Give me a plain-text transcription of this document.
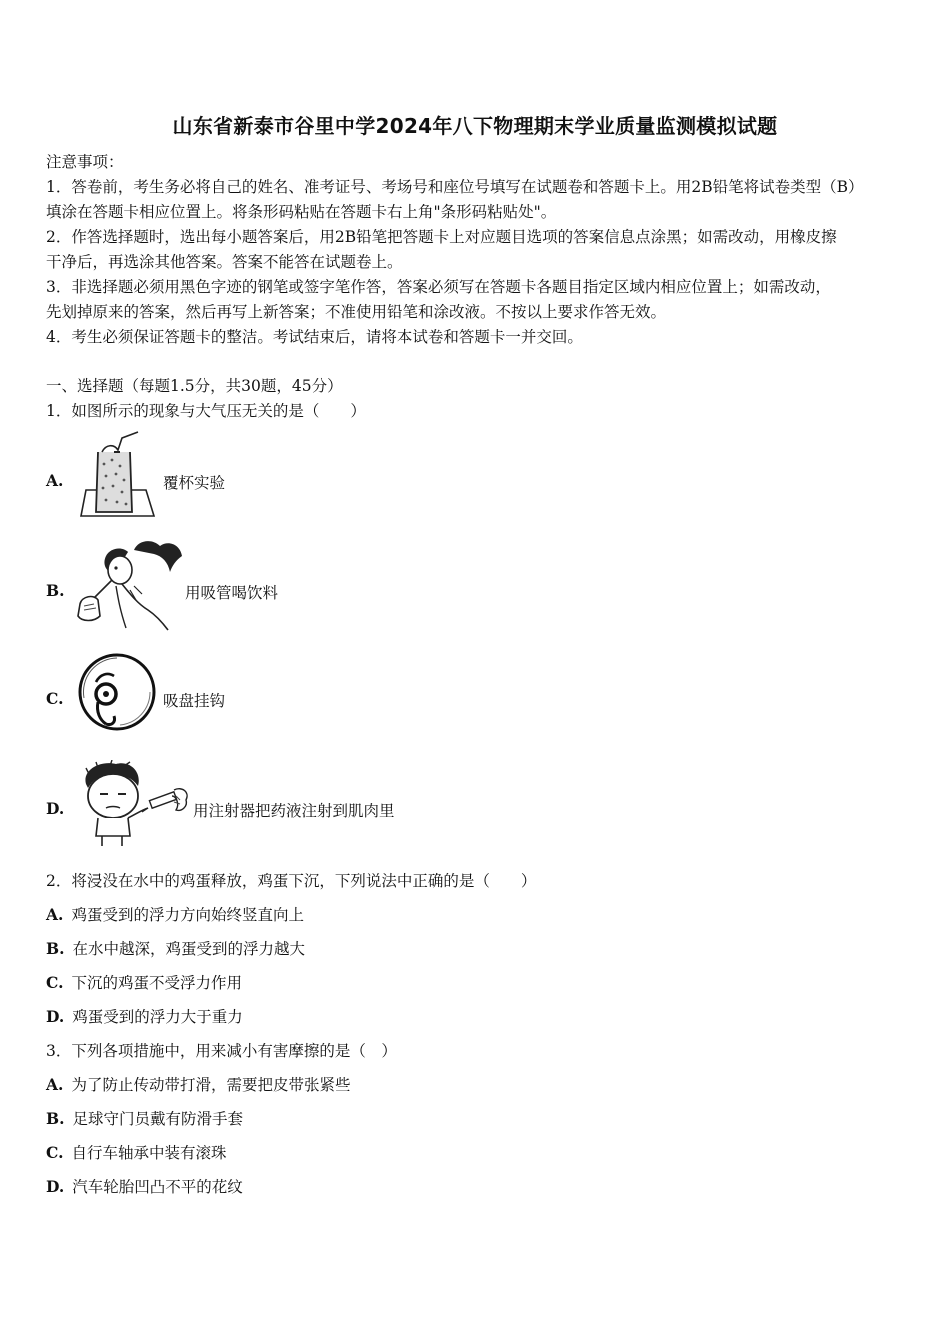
山东省新泰市谷里中学2024年八下物理期末学业质量监测模拟试题

注意事项：

1．答卷前，考生务必将自己的姓名、准考证号、考场号和座位号填写在试题卷和答题卡上。用2B铅笔将试卷类型（B）

填涂在答题卡相应位置上。将条形码粘贴在答题卡右上角"条形码粘贴处"。

2．作答选择题时，选出每小题答案后，用2B铅笔把答题卡上对应题目选项的答案信息点涂黑；如需改动，用橡皮擦

干净后，再选涂其他答案。答案不能答在试题卷上。

3．非选择题必须用黑色字迹的钢笔或签字笔作答，答案必须写在答题卡各题目指定区域内相应位置上；如需改动，

先划掉原来的答案，然后再写上新答案；不准使用铅笔和涂改液。不按以上要求作答无效。

4．考生必须保证答题卡的整洁。考试结束后，请将本试卷和答题卡一并交回。

一、选择题（每题1.5分，共30题，45分）
1．如图所示的现象与大气压无关的是（　　）
A.	覆杯实验
B.	用吸管喝饮料
C.	吸盘挂钩
D.	用注射器把药液注射到肌肉里
2．将浸没在水中的鸡蛋释放，鸡蛋下沉，下列说法中正确的是（　　）
A. 鸡蛋受到的浮力方向始终竖直向上
B. 在水中越深，鸡蛋受到的浮力越大
C. 下沉的鸡蛋不受浮力作用
D. 鸡蛋受到的浮力大于重力
3．下列各项措施中，用来减小有害摩擦的是（　）
A. 为了防止传动带打滑，需要把皮带张紧些
B. 足球守门员戴有防滑手套
C. 自行车轴承中装有滚珠
D. 汽车轮胎凹凸不平的花纹
